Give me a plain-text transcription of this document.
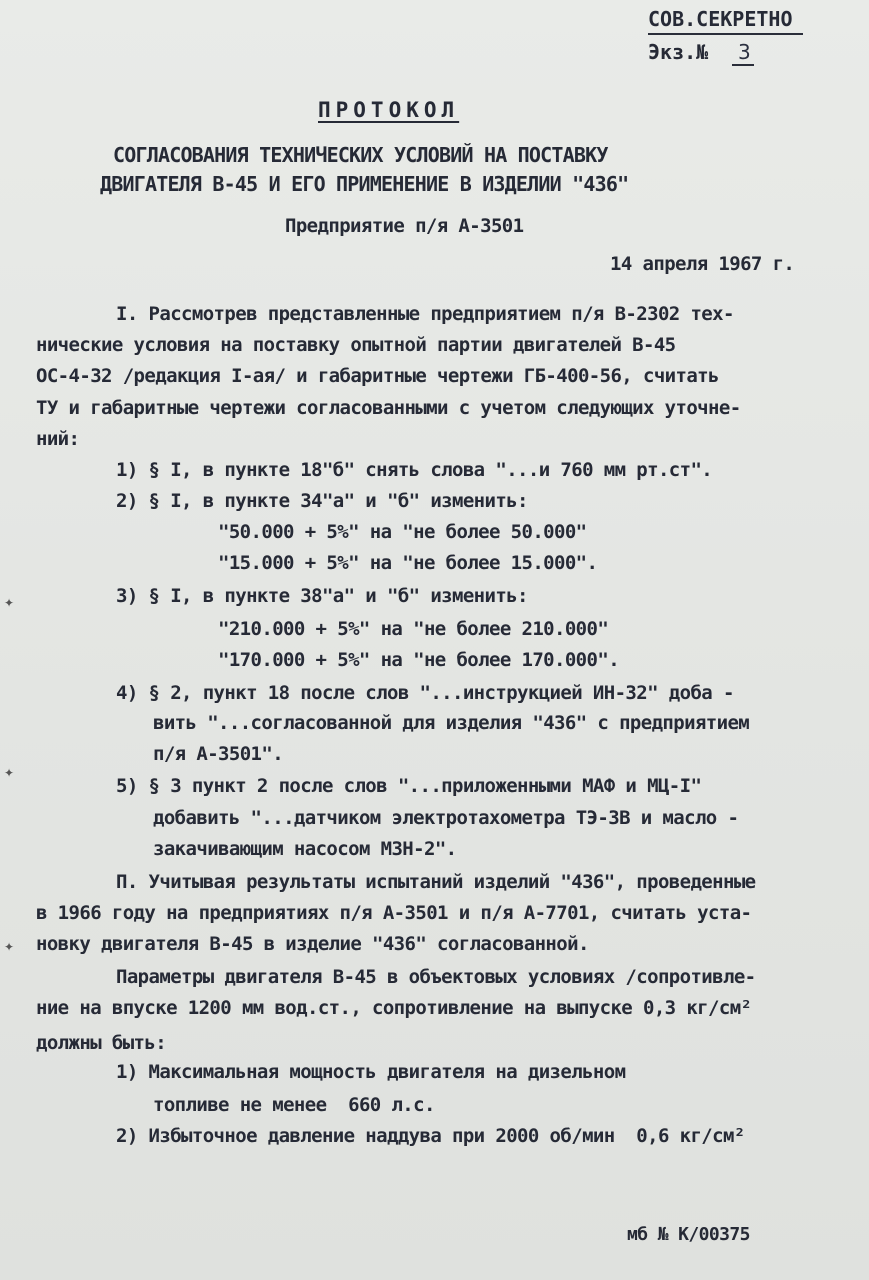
СОВ.СЕКРЕТНО
Экз.№ 3
ПРОТОКОЛ
СОГЛАСОВАНИЯ ТЕХНИЧЕСКИХ УСЛОВИЙ НА ПОСТАВКУ
ДВИГАТЕЛЯ В-45 И ЕГО ПРИМЕНЕНИЕ В ИЗДЕЛИИ "436"
Предприятие п/я А-3501
14 апреля 1967 г.
I. Рассмотрев представленные предприятием п/я В-2302 тех-
нические условия на поставку опытной партии двигателей В-45
ОС-4-32 /редакция I-ая/ и габаритные чертежи ГБ-400-56, считать
ТУ и габаритные чертежи согласованными с учетом следующих уточне-
ний:
1) § I, в пункте 18"б" снять слова "...и 760 мм рт.ст".
2) § I, в пункте 34"а" и "б" изменить:
"50.000 + 5%" на "не более 50.000"
"15.000 + 5%" на "не более 15.000".
3) § I, в пункте 38"а" и "б" изменить:
"210.000 + 5%" на "не более 210.000"
"170.000 + 5%" на "не более 170.000".
4) § 2, пункт 18 после слов "...инструкцией ИН-32" доба -
вить "...согласованной для изделия "436" с предприятием
п/я А-3501".
5) § 3 пункт 2 после слов "...приложенными МАФ и МЦ-I"
добавить "...датчиком электротахометра ТЭ-3В и масло -
закачивающим насосом МЗН-2".
П. Учитывая результаты испытаний изделий "436", проведенные
в 1966 году на предприятиях п/я А-3501 и п/я А-7701, считать уста-
новку двигателя В-45 в изделие "436" согласованной.
Параметры двигателя В-45 в объектовых условиях /сопротивле-
ние на впуске 1200 мм вод.ст., сопротивление на выпуске 0,3 кг/см²
должны быть:
1) Максимальная мощность двигателя на дизельном
топливе не менее  660 л.с.
2) Избыточное давление наддува при 2000 об/мин  0,6 кг/см²
мб № К/00375
✦
✦
✦
